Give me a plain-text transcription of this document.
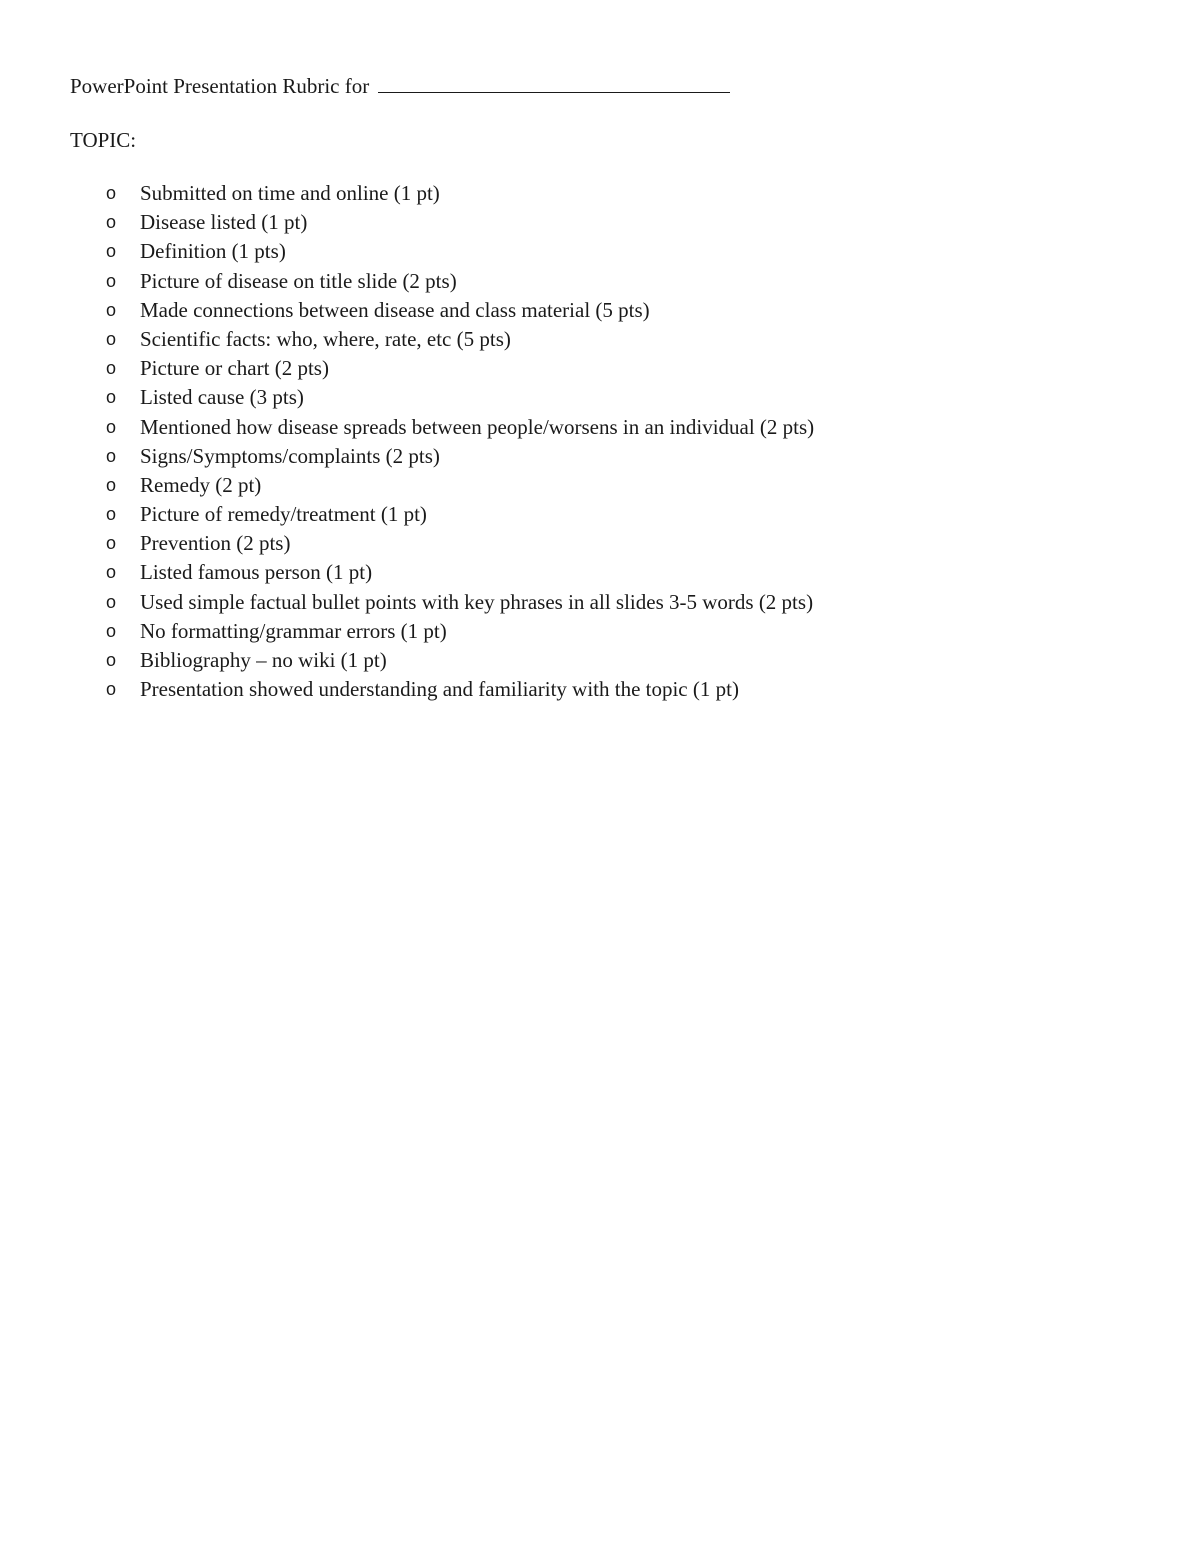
PowerPoint Presentation Rubric for
TOPIC:
o Submitted on time and online (1 pt)
o Disease listed (1 pt)
o Definition (1 pts)
o Picture of disease on title slide (2 pts)
o Made connections between disease and class material (5 pts)
o Scientific facts: who, where, rate, etc (5 pts)
o Picture or chart (2 pts)
o Listed cause (3 pts)
o Mentioned how disease spreads between people/worsens in an individual (2 pts)
o Signs/Symptoms/complaints (2 pts)
o Remedy (2 pt)
o Picture of remedy/treatment (1 pt)
o Prevention (2 pts)
o Listed famous person (1 pt)
o Used simple factual bullet points with key phrases in all slides 3-5 words (2 pts)
o No formatting/grammar errors (1 pt)
o Bibliography – no wiki (1 pt)
o Presentation showed understanding and familiarity with the topic (1 pt)
